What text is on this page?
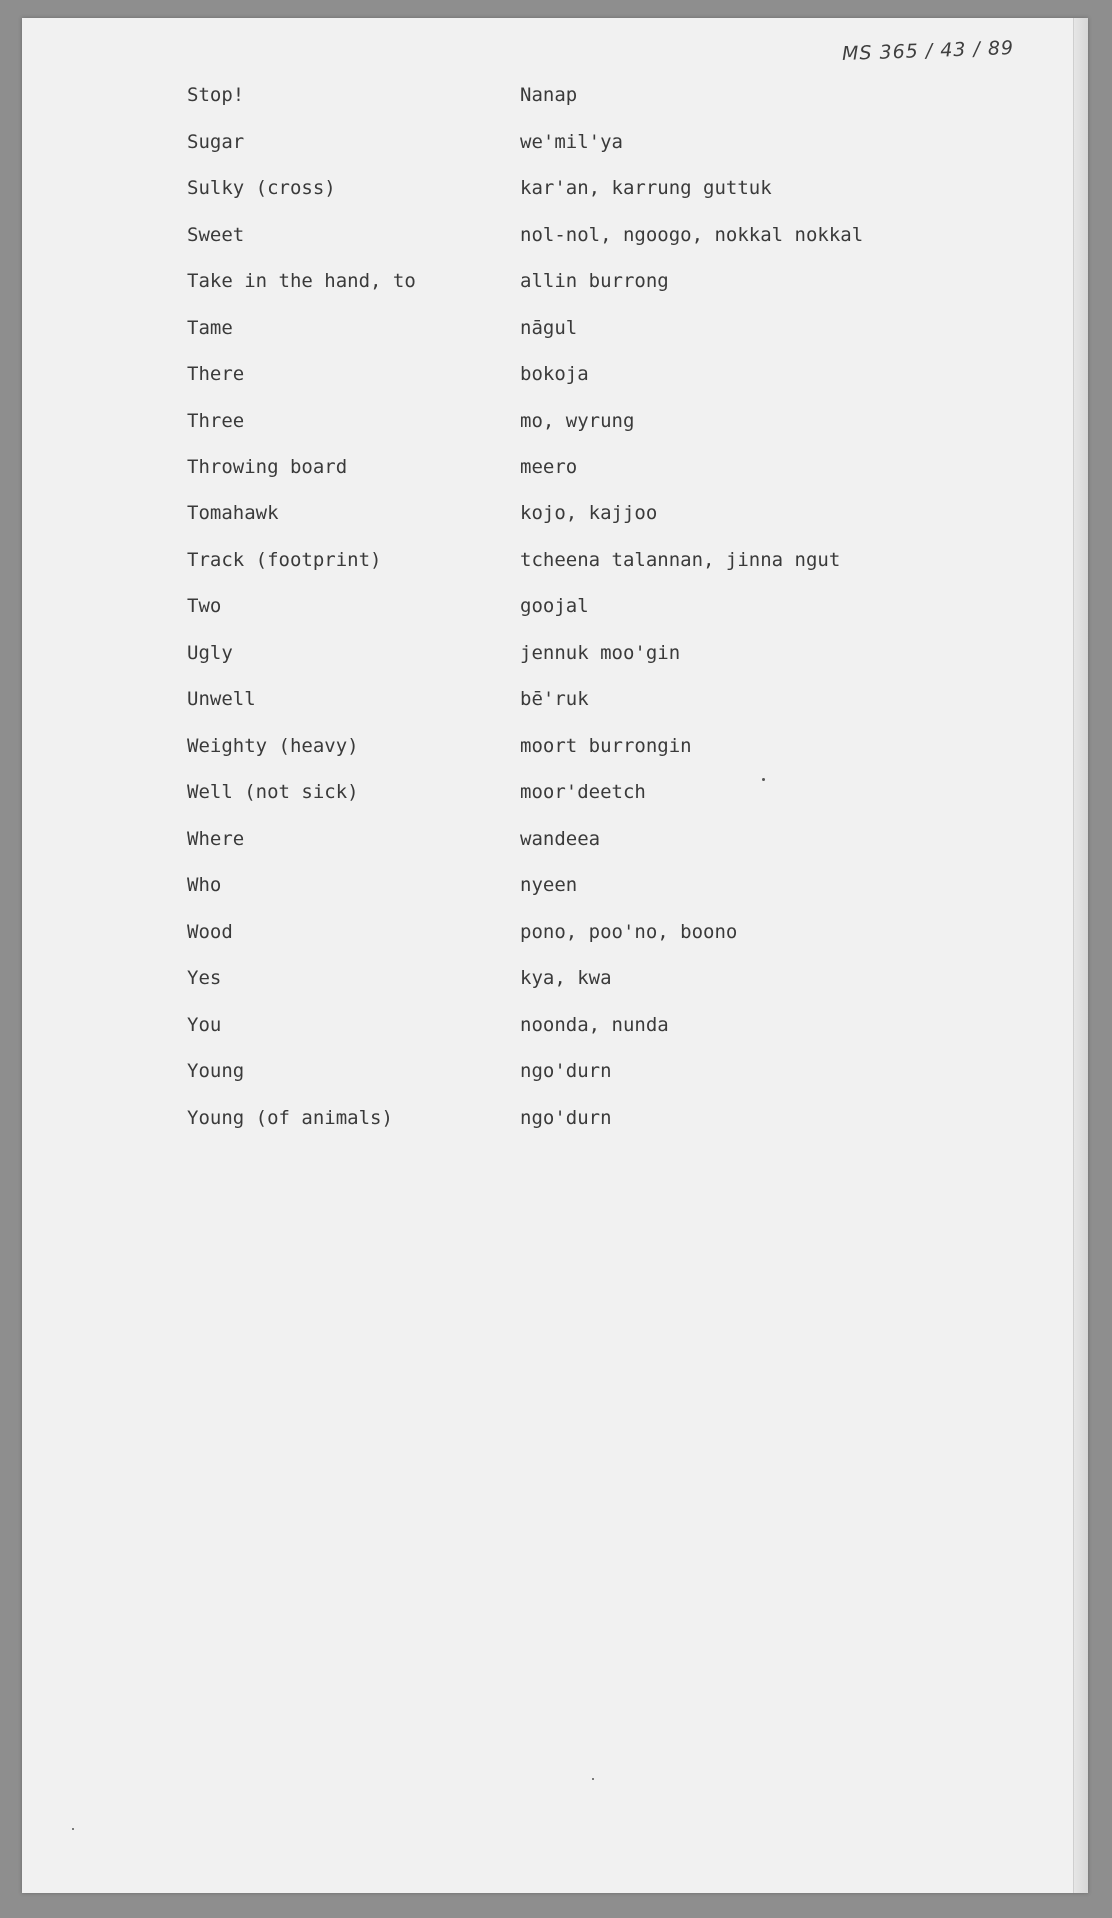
MS 365 / 43 / 89
Stop!	Nanap
Sugar	we'mil'ya
Sulky (cross)	kar'an, karrung guttuk
Sweet	nol-nol, ngoogo, nokkal nokkal
Take in the hand, to	allin burrong
Tame	nāgul
There	bokoja
Three	mo, wyrung
Throwing board	meero
Tomahawk	kojo, kajjoo
Track (footprint)	tcheena talannan, jinna ngut
Two	goojal
Ugly	jennuk moo'gin
Unwell	bē'ruk
Weighty (heavy)	moort burrongin
Well (not sick)	moor'deetch
Where	wandeea
Who	nyeen
Wood	pono, poo'no, boono
Yes	kya, kwa
You	noonda, nunda
Young	ngo'durn
Young (of animals)	ngo'durn
